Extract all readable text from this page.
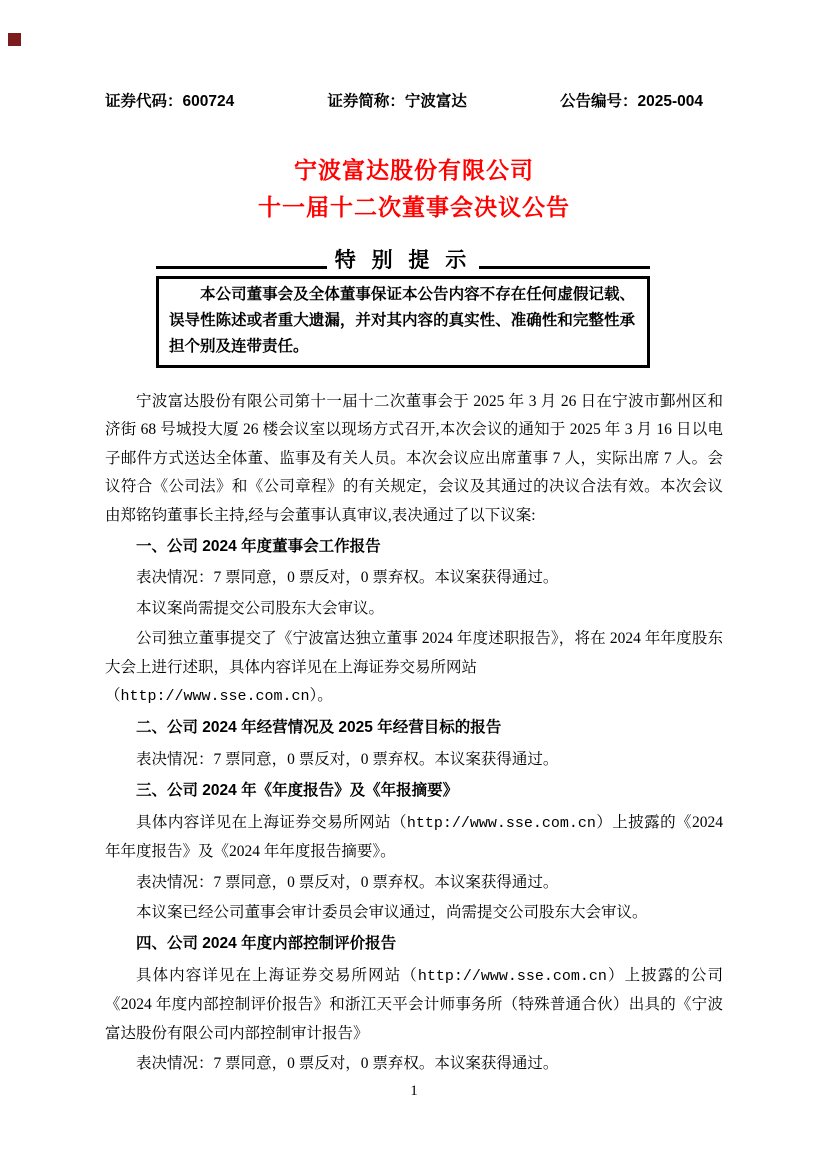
证券代码：600724	证券简称：宁波富达	公告编号：2025-004
宁波富达股份有限公司
十一届十二次董事会决议公告
特 别 提 示

本公司董事会及全体董事保证本公告内容不存在任何虚假记载、误导性陈述或者重大遗漏，并对其内容的真实性、准确性和完整性承担个别及连带责任。

宁波富达股份有限公司第十一届十二次董事会于 2025 年 3 月 26 日在宁波市鄞州区和济街 68 号城投大厦 26 楼会议室以现场方式召开,本次会议的通知于 2025 年 3 月 16 日以电子邮件方式送达全体董、监事及有关人员。本次会议应出席董事 7 人，实际出席 7 人。会议符合《公司法》和《公司章程》的有关规定，会议及其通过的决议合法有效。本次会议由郑铭钧董事长主持,经与会董事认真审议,表决通过了以下议案:

一、公司 2024 年度董事会工作报告

表决情况：7 票同意，0 票反对，0 票弃权。本议案获得通过。

本议案尚需提交公司股东大会审议。

公司独立董事提交了《宁波富达独立董事 2024 年度述职报告》，将在 2024 年年度股东大会上进行述职，具体内容详见在上海证券交易所网站
（http://www.sse.com.cn）。

二、公司 2024 年经营情况及 2025 年经营目标的报告

表决情况：7 票同意，0 票反对，0 票弃权。本议案获得通过。

三、公司 2024 年《年度报告》及《年报摘要》

具体内容详见在上海证券交易所网站（http://www.sse.com.cn）上披露的《2024 年年度报告》及《2024 年年度报告摘要》。

表决情况：7 票同意，0 票反对，0 票弃权。本议案获得通过。

本议案已经公司董事会审计委员会审议通过，尚需提交公司股东大会审议。

四、公司 2024 年度内部控制评价报告

具体内容详见在上海证券交易所网站（http://www.sse.com.cn）上披露的公司《2024 年度内部控制评价报告》和浙江天平会计师事务所（特殊普通合伙）出具的《宁波富达股份有限公司内部控制审计报告》

表决情况：7 票同意，0 票反对，0 票弃权。本议案获得通过。

1
